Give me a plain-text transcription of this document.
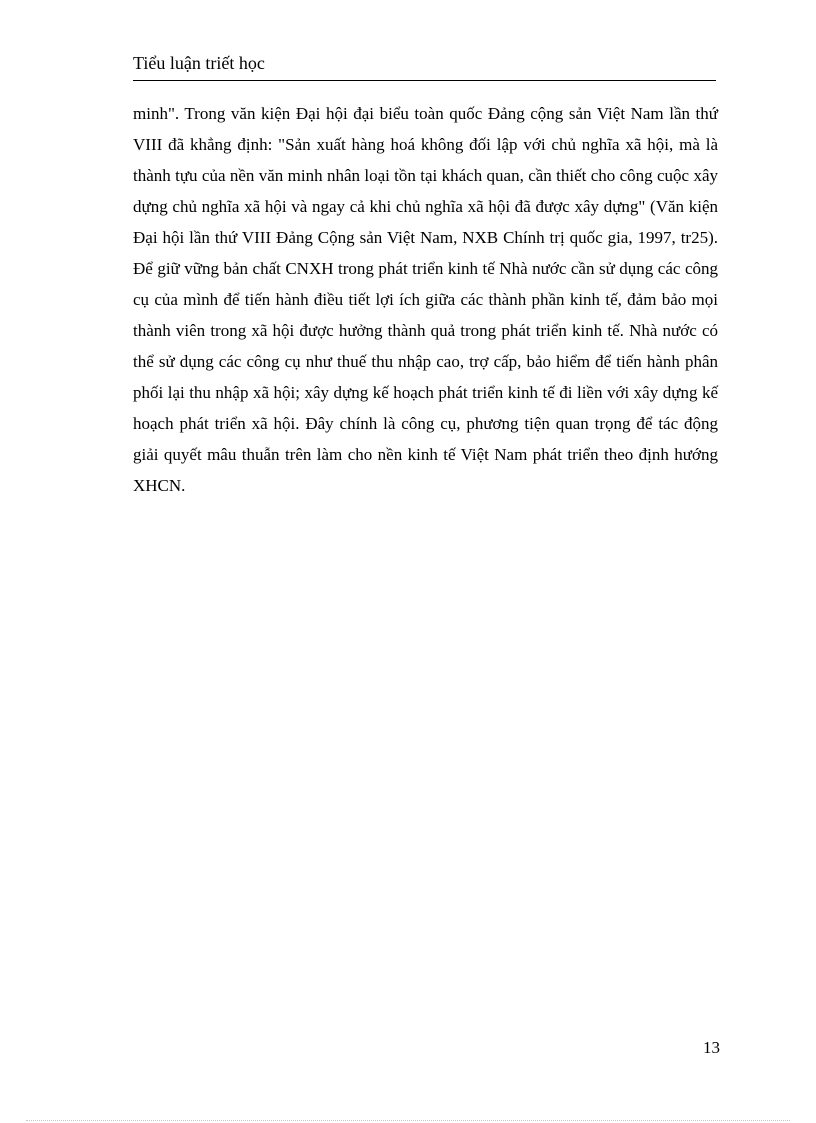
Tiểu luận triết học

minh". Trong văn kiện Đại hội đại biểu toàn quốc Đảng cộng sản Việt Nam lần thứ VIII đã khẳng định: "Sản xuất hàng hoá không đối lập với chủ nghĩa xã hội, mà là thành tựu của nền văn minh nhân loại tồn tại khách quan, cần thiết cho công cuộc xây dựng chủ nghĩa xã hội và ngay cả khi chủ nghĩa xã hội đã được xây dựng" (Văn kiện Đại hội lần thứ VIII Đảng Cộng sản Việt Nam, NXB Chính trị quốc gia, 1997, tr25). Để giữ vững bản chất CNXH trong phát triển kinh tế Nhà nước cần sử dụng các công cụ của mình để tiến hành điều tiết lợi ích giữa các thành phần kinh tế, đảm bảo mọi thành viên trong xã hội được hưởng thành quả trong phát triển kinh tế. Nhà nước có thể sử dụng các công cụ như thuế thu nhập cao, trợ cấp, bảo hiểm để tiến hành phân phối lại thu nhập xã hội; xây dựng kế hoạch phát triển kinh tế đi liền với xây dựng kế hoạch phát triển xã hội. Đây chính là công cụ, phương tiện quan trọng để tác động giải quyết mâu thuẫn trên làm cho nền kinh tế Việt Nam phát triển theo định hướng XHCN.

13
